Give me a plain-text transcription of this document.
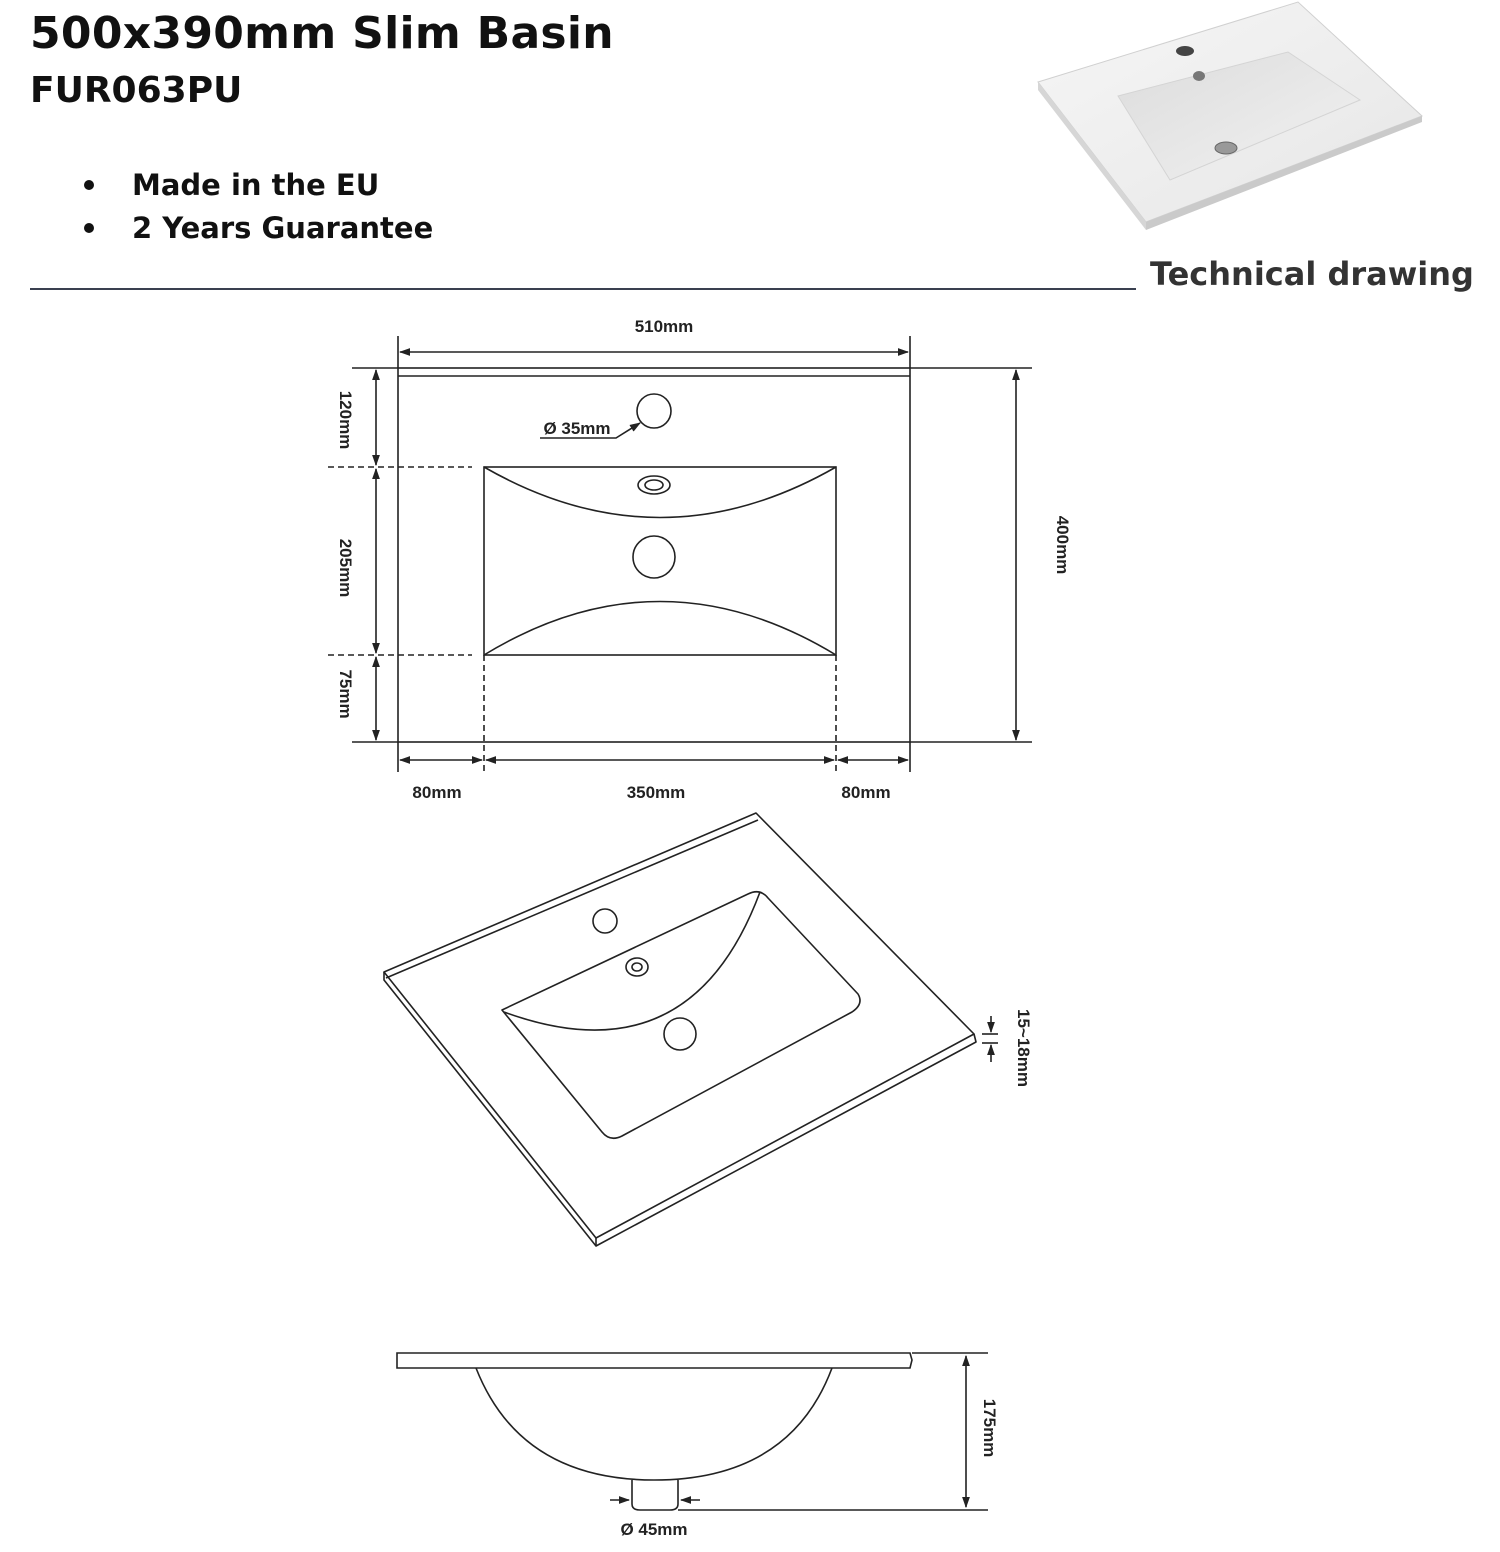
500x390mm Slim Basin
FUR063PU
Made in the EU
2 Years Guarantee
Technical drawing
510mm
Ø 35mm
400mm
120mm
205mm
75mm
80mm	350mm	80mm
15~18mm
175mm
Ø 45mm
